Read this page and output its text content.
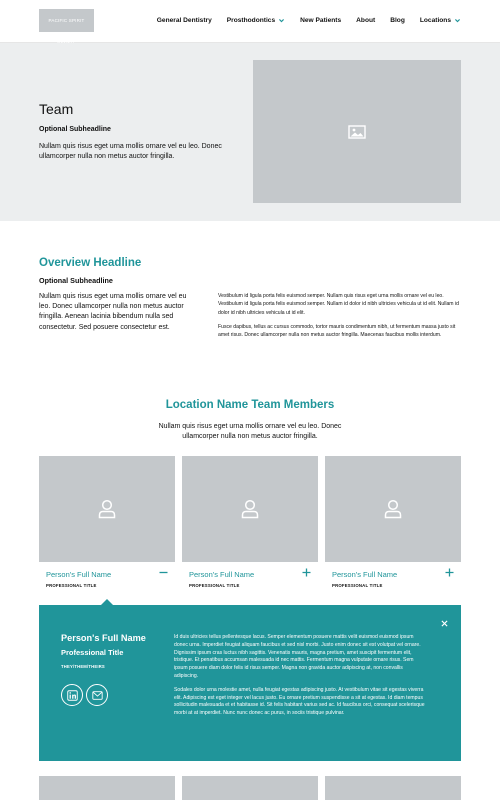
PACIFIC SPIRIT	General Dentistry Prosthodontics	New Patients About Blog Locations
Team
Optional Subheadline

Nullam quis risus eget urna mollis ornare vel eu leo. Donec ullamcorper nulla non metus auctor fringilla.

Overview Headline
Optional Subheadline

Nullam quis risus eget urna mollis ornare vel eu leo. Donec ullamcorper nulla non metus auctor fringilla. Aenean lacinia bibendum nulla sed consectetur. Sed posuere consectetur est.

Vestibulum id ligula porta felis euismod semper. Nullam quis risus eget urna mollis ornare vel eu leo. Vestibulum id ligula porta felis euismod semper. Nullam id dolor id nibh ultricies vehicula ut id elit. Nullam id dolor id nibh ultricies vehicula ut id elit.

Fusce dapibus, tellus ac cursus commodo, tortor mauris condimentum nibh, ut fermentum massa justo sit amet risus. Donec ullamcorper nulla non metus auctor fringilla. Maecenas faucibus mollis interdum.

Location Name Team Members

Nullam quis risus eget urna mollis ornare vel eu leo. Donec ullamcorper nulla non metus auctor fringilla.

Person's Full Name
PROFESSIONAL TITLE
Person's Full Name
PROFESSIONAL TITLE
Person's Full Name
PROFESSIONAL TITLE
Person's Full Name
Professional Title
THEY/THEM/THEIRS

Id duis ultricies tellus pellentesque lacus. Semper elementum posuere mattis velit euismod euismod ipsum donec urna. Imperdiet feugiat aliquam faucibus et sed nisl morbi. Justo enim donec sit est volutpat vel ornare. Dignissim ipsum cras luctus nibh sagittis. Venenatis mauris, magna pretium, amet suscipit fermentum elit, tristique. Et penatibus accumsan malesuada id nec mattis. Fermentum magna vulputate ornare risus. Sem ipsum posuere diam dolor felis id risus semper. Magna non gravida auctor adipiscing at, non convallis adipiscing.

Sodales dolor urna molestie amet, nulla feugiat egestas adipiscing justo. At vestibulum vitae sit egestas viverra elit. Adipiscing est eget integer vel lacus justo. Eu ornare pretium suspendisse a sit at egestas. Id diam tempus sollicitudin malesuada et et habitasse id. Sit felis habitant varius sed ac. Id faucibus orci, consequat scelerisque morbi at at imperdiet. Nunc nunc donec ac purus, in sociis tristique pulvinar.
